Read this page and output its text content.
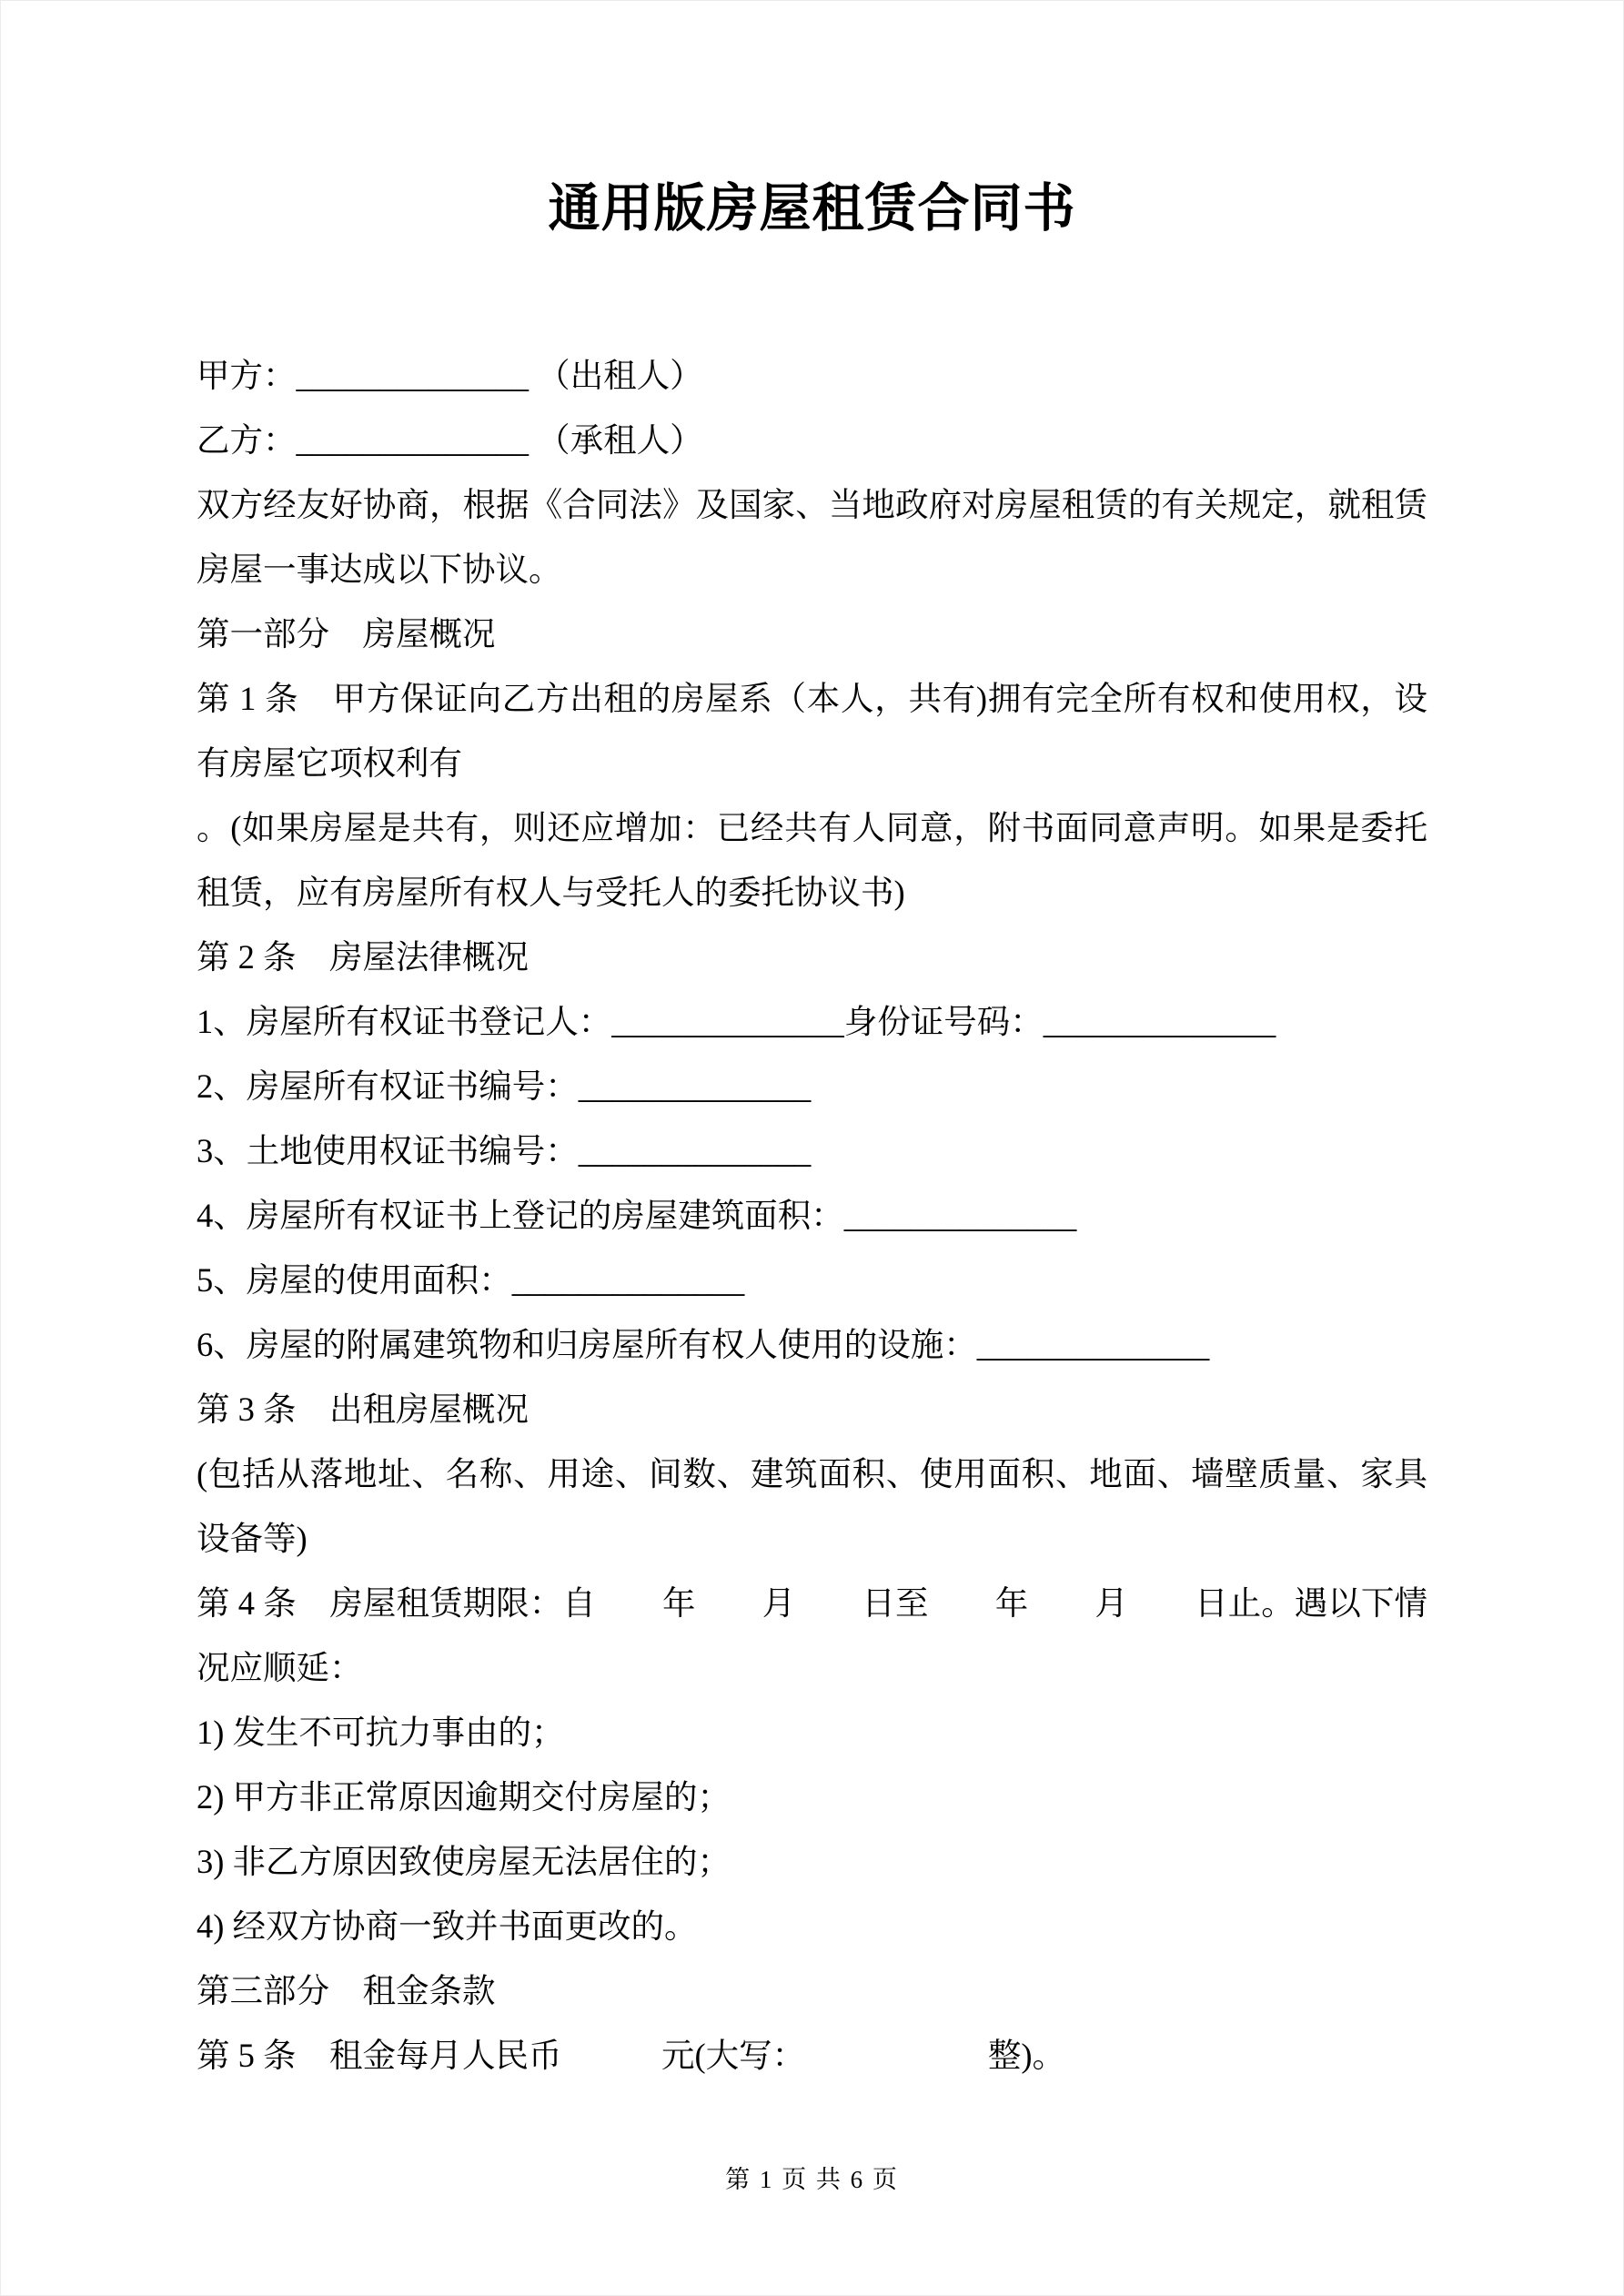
通用版房屋租赁合同书

甲方：______________ （出租人）

乙方：______________ （承租人）

双方经友好协商，根据《合同法》及国家、当地政府对房屋租赁的有关规定，就租赁房屋一事达成以下协议。

第一部分　房屋概况

第 1 条　甲方保证向乙方出租的房屋系（本人，共有)拥有完全所有权和使用权，设有房屋它项权利有

。(如果房屋是共有，则还应增加：已经共有人同意，附书面同意声明。如果是委托租赁，应有房屋所有权人与受托人的委托协议书)

第 2 条　房屋法律概况

1、房屋所有权证书登记人：______________身份证号码：______________

2、房屋所有权证书编号：______________

3、土地使用权证书编号：______________

4、房屋所有权证书上登记的房屋建筑面积：______________

5、房屋的使用面积：______________

6、房屋的附属建筑物和归房屋所有权人使用的设施：______________

第 3 条　出租房屋概况

(包括从落地址、名称、用途、间数、建筑面积、使用面积、地面、墙壁质量、家具设备等)

第 4 条　房屋租赁期限：自　　年　　月　　日至　　年　　月　　日止。遇以下情况应顺延：

1) 发生不可抗力事由的；

2) 甲方非正常原因逾期交付房屋的；

3) 非乙方原因致使房屋无法居住的；

4) 经双方协商一致并书面更改的。

第三部分　租金条款

第 5 条　租金每月人民币　　　元(大写：　　　　　　整)。

第 1 页 共 6 页
